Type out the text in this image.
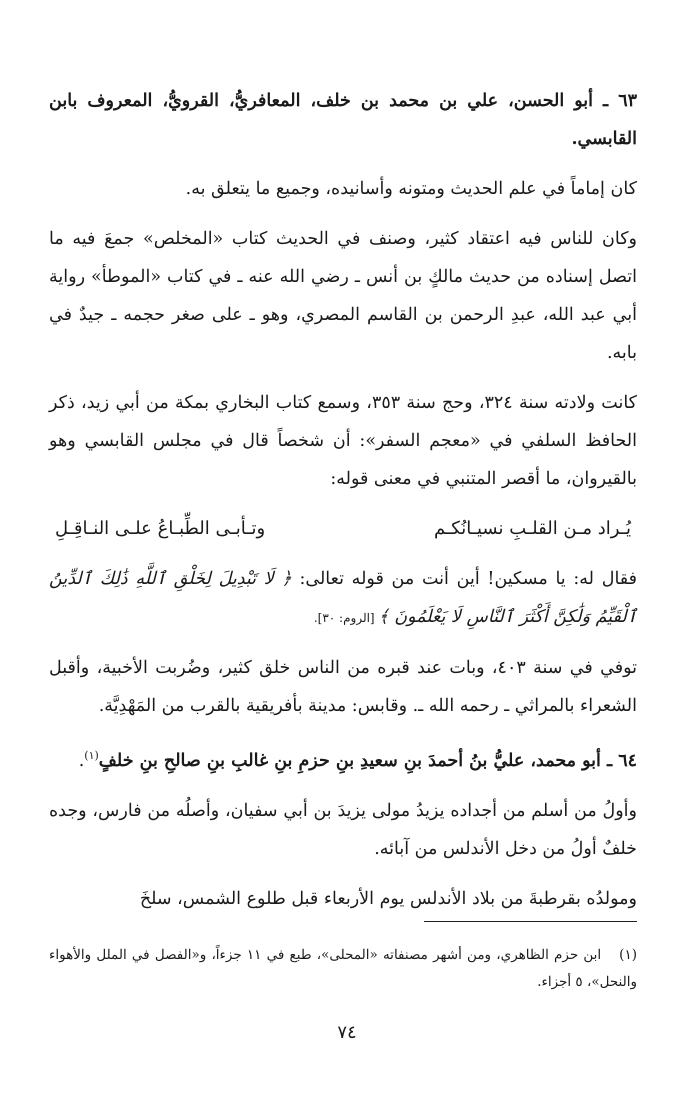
٦٣ ـ أبو الحسن، علي بن محمد بن خلف، المعافريُّ، القرويُّ، المعروف بابن القابسي.

كان إماماً في علم الحديث ومتونه وأسانيده، وجميع ما يتعلق به.

وكان للناس فيه اعتقاد كثير، وصنف في الحديث كتاب «المخلص» جمعَ فيه ما اتصل إسناده من حديث مالكٍ بن أنس ـ رضي الله عنه ـ في كتاب «الموطأ» رواية أبي عبد الله، عبدِ الرحمن بن القاسم المصري، وهو ـ على صغر حجمه ـ جيدٌ في بابه.

كانت ولادته سنة ٣٢٤، وحج سنة ٣٥٣، وسمع كتاب البخاري بمكة من أبي زيد، ذكر الحافظ السلفي في «معجم السفر»: أن شخصاً قال في مجلس القابسي وهو بالقيروان، ما أقصر المتنبي في معنى قوله:

يُـراد مـن القلـبِ نسيـانُكـم
وتـأبـى الطِّبـاعُ علـى النـاقِـلِ

فقال له: يا مسكين! أين أنت من قوله تعالى: ﴿ لَا تَبْدِيلَ لِخَلْقِ ٱللَّهِ ذَٰلِكَ ٱلدِّينُ ٱلْقَيِّمُ وَلَٰكِنَّ أَكْثَرَ ٱلنَّاسِ لَا يَعْلَمُونَ ﴾ [الروم: ٣٠].

توفي في سنة ٤٠٣، وبات عند قبره من الناس خلق كثير، وضُربت الأخبية، وأقبل الشعراء بالمراثي ـ رحمه الله ـ. وقابس: مدينة بأفريقية بالقرب من المَهْدِيَّة.

٦٤ ـ أبو محمد، عليُّ بنُ أحمدَ بنِ سعيدِ بنِ حزمِ بنِ غالبِ بنِ صالحِ بنِ خلفٍ$^{(١)}$.

وأولُ من أسلم من أجداده يزيدُ مولى يزيدَ بن أبي سفيان، وأصلُه من فارس، وجده خلفٌ أولُ من دخل الأندلس من آبائه.

ومولدُه بقرطبةَ من بلاد الأندلس يوم الأربعاء قبل طلوع الشمس، سلخَ

(١)ابن حزم الظاهري، ومن أشهر مصنفاته «المحلى»، طبع في ١١ جزءاً، و«الفصل في الملل والأهواء والنحل»، ٥ أجزاء.
٧٤
